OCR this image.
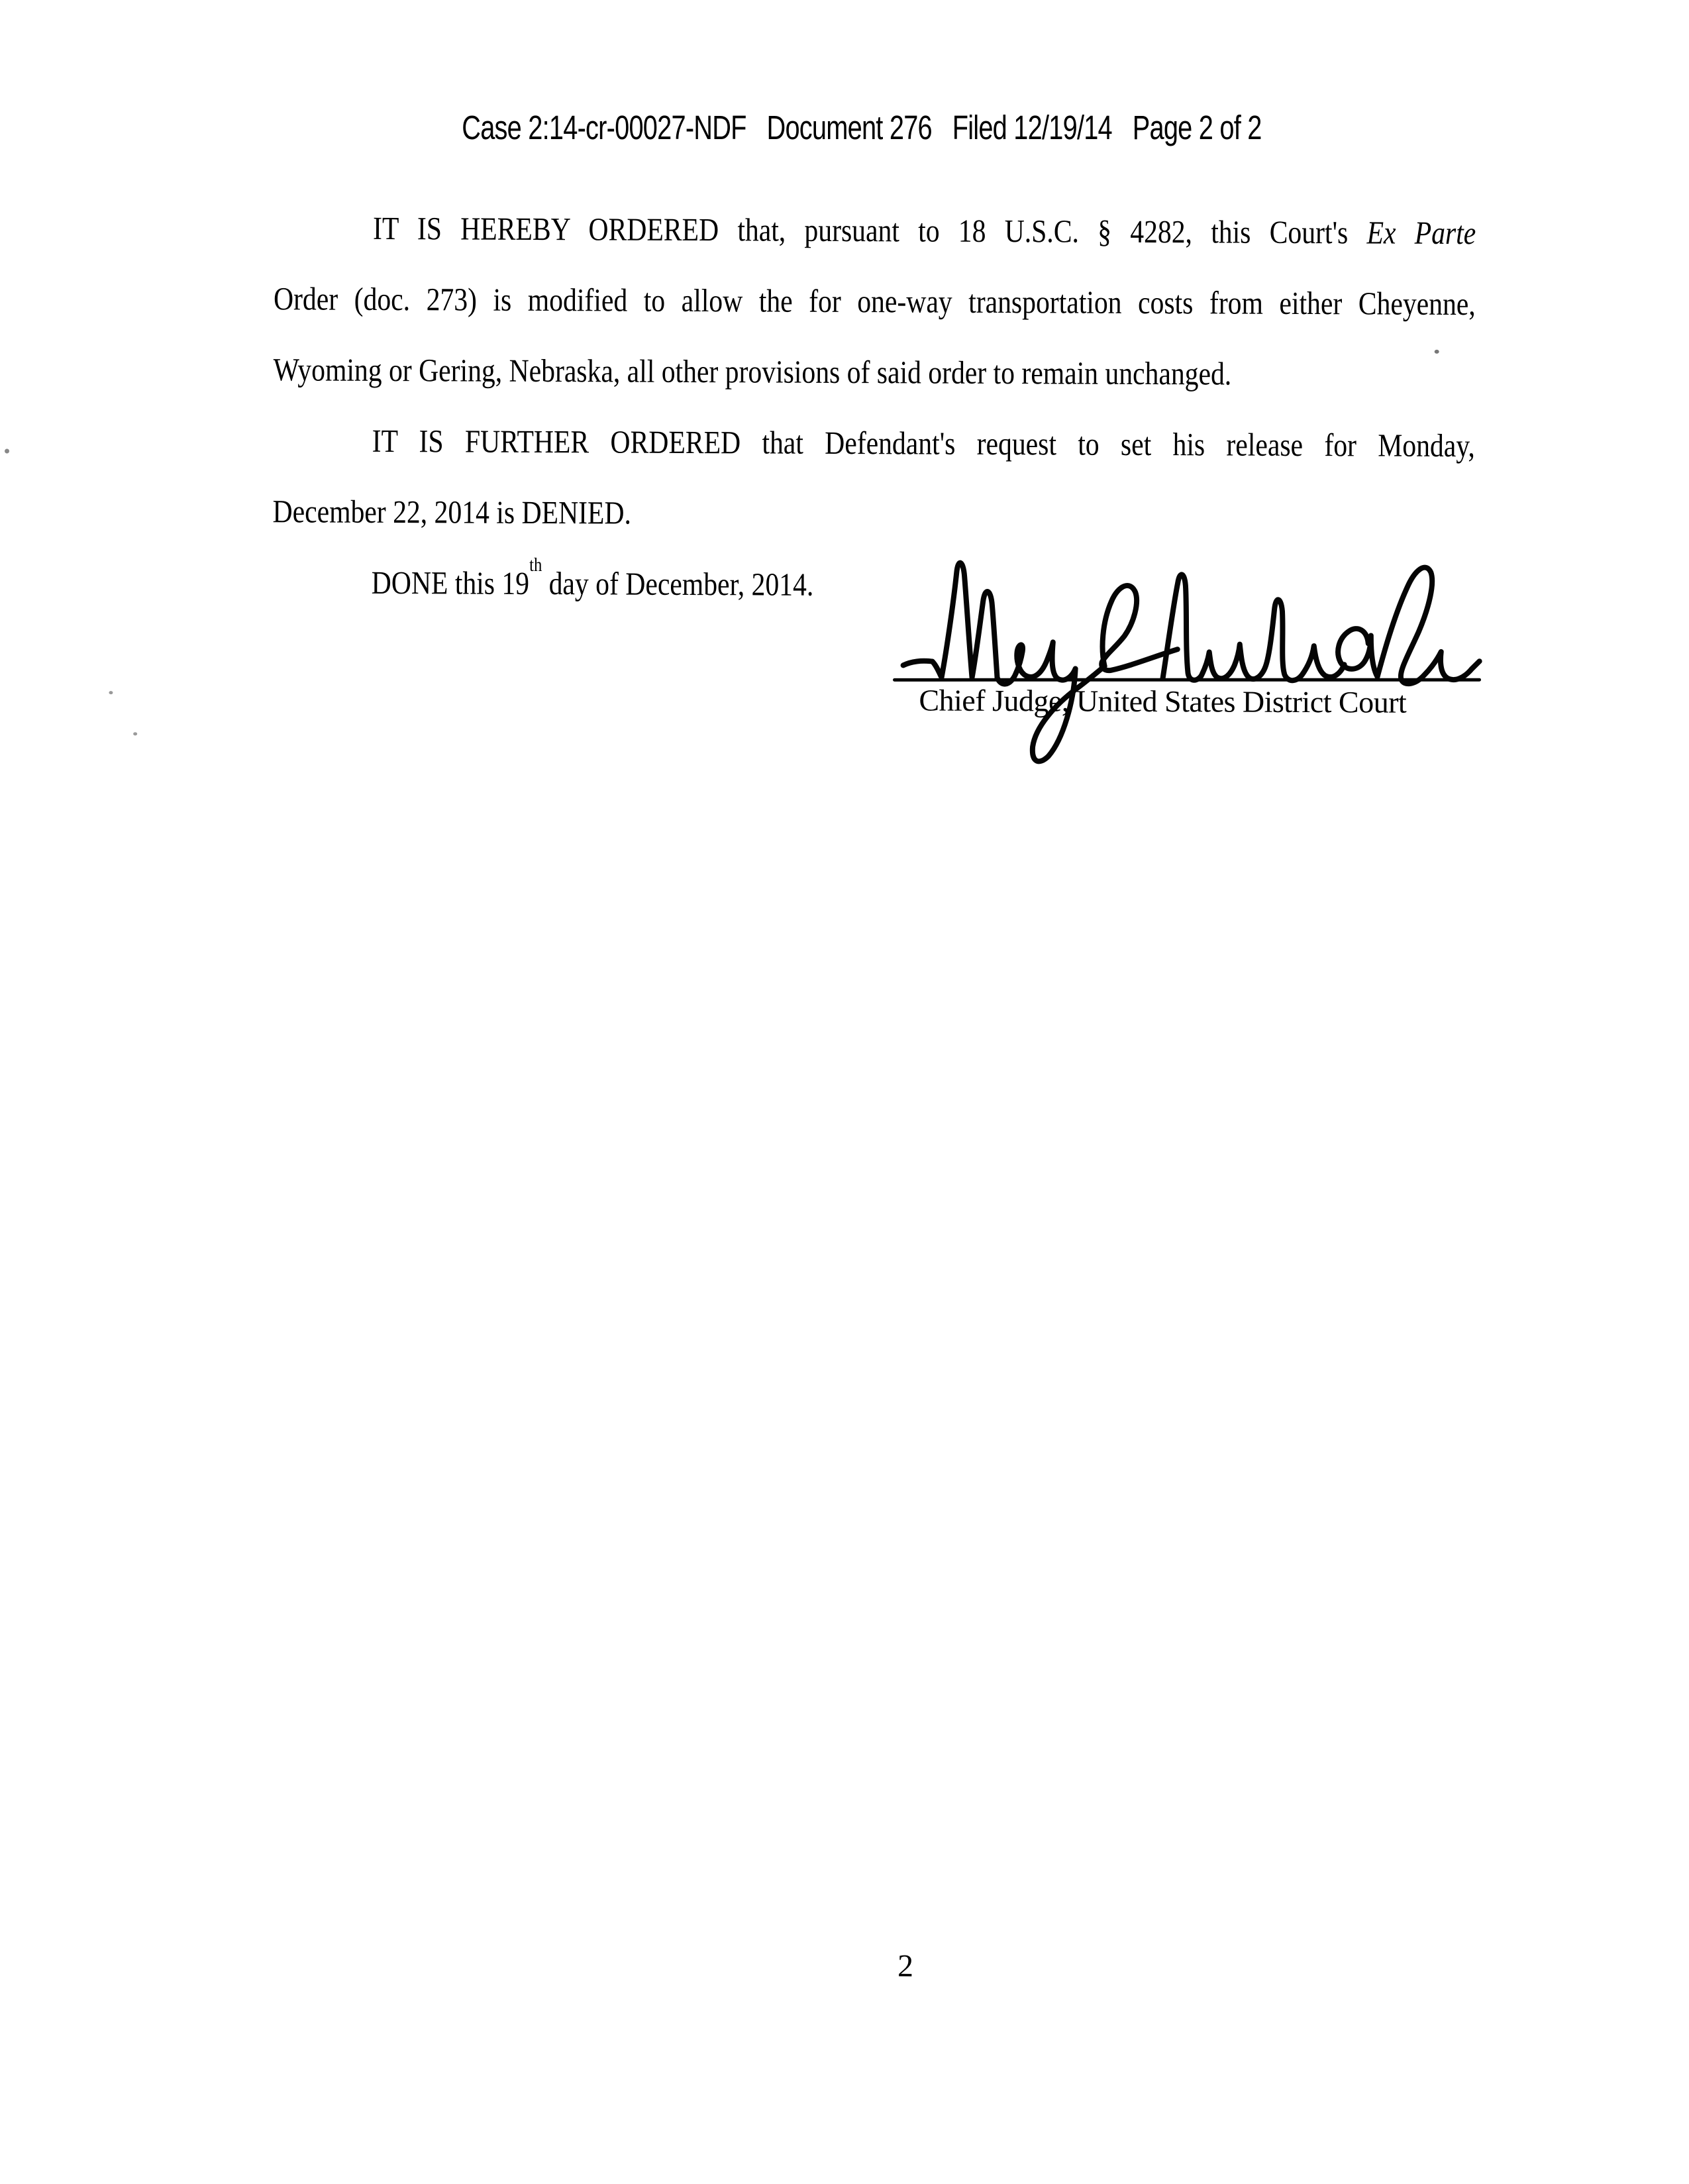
Case 2:14-cr-00027-NDF   Document 276   Filed 12/19/14   Page 2 of 2

IT IS HEREBY ORDERED that, pursuant to 18 U.S.C. § 4282, this Court's Ex Parte
Order (doc. 273) is modified to allow the for one-way transportation costs from either Cheyenne,
Wyoming or Gering, Nebraska, all other provisions of said order to remain unchanged.
IT IS FURTHER ORDERED that Defendant's request to set his release for Monday,
December 22, 2014 is DENIED.
DONE this 19th day of December, 2014.
Chief Judge, United States District Court
2
